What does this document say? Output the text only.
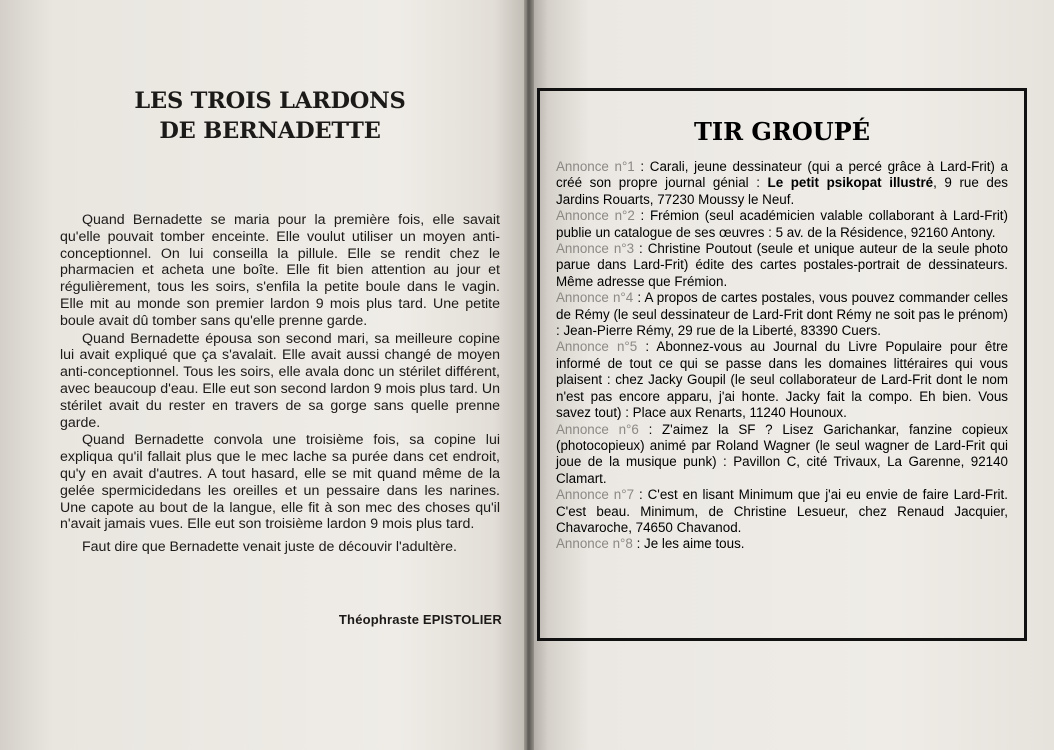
LES TROIS LARDONS
DE BERNADETTE

Quand Bernadette se maria pour la première fois, elle savait qu'elle pouvait tomber enceinte. Elle voulut utiliser un moyen anti-conceptionnel. On lui conseilla la pillule. Elle se rendit chez le pharmacien et acheta une boîte. Elle fit bien attention au jour et régulièrement, tous les soirs, s'enfila la petite boule dans le vagin. Elle mit au monde son premier lardon 9 mois plus tard. Une petite boule avait dû tomber sans qu'elle prenne garde.

Quand Bernadette épousa son second mari, sa meilleure copine lui avait expliqué que ça s'avalait. Elle avait aussi changé de moyen anti-conceptionnel. Tous les soirs, elle avala donc un stérilet différent, avec beaucoup d'eau. Elle eut son second lardon 9 mois plus tard. Un stérilet avait du rester en travers de sa gorge sans quelle prenne garde.

Quand Bernadette convola une troisième fois, sa copine lui expliqua qu'il fallait plus que le mec lache sa purée dans cet endroit, qu'y en avait d'autres. A tout hasard, elle se mit quand même de la gelée spermicidedans les oreilles et un pessaire dans les narines. Une capote au bout de la langue, elle fit à son mec des choses qu'il n'avait jamais vues. Elle eut son troisième lardon 9 mois plus tard.

Faut dire que Bernadette venait juste de découvir l'adultère.

Théophraste EPISTOLIER

TIR GROUPÉ

Annonce n°1 : Carali, jeune dessinateur (qui a percé grâce à Lard-Frit) a créé son propre journal génial : Le petit psikopat illustré, 9 rue des Jardins Rouarts, 77230 Moussy le Neuf.

Annonce n°2 : Frémion (seul académicien valable collaborant à Lard-Frit) publie un catalogue de ses œuvres : 5 av. de la Résidence, 92160 Antony.

Annonce n°3 : Christine Poutout (seule et unique auteur de la seule photo parue dans Lard-Frit) édite des cartes postales-portrait de dessinateurs. Même adresse que Frémion.

Annonce n°4 : A propos de cartes postales, vous pouvez commander celles de Rémy (le seul dessinateur de Lard-Frit dont Rémy ne soit pas le prénom) : Jean-Pierre Rémy, 29 rue de la Liberté, 83390 Cuers.

Annonce n°5 : Abonnez-vous au Journal du Livre Populaire pour être informé de tout ce qui se passe dans les domaines littéraires qui vous plaisent : chez Jacky Goupil (le seul collaborateur de Lard-Frit dont le nom n'est pas encore apparu, j'ai honte. Jacky fait la compo. Eh bien. Vous savez tout) : Place aux Renarts, 11240 Hounoux.

Annonce n°6 : Z'aimez la SF ? Lisez Garichankar, fanzine copieux (photocopieux) animé par Roland Wagner (le seul wagner de Lard-Frit qui joue de la musique punk) : Pavillon C, cité Trivaux, La Garenne, 92140 Clamart.

Annonce n°7 : C'est en lisant Minimum que j'ai eu envie de faire Lard-Frit. C'est beau. Minimum, de Christine Lesueur, chez Renaud Jacquier, Chavaroche, 74650 Chavanod.

Annonce n°8 : Je les aime tous.
